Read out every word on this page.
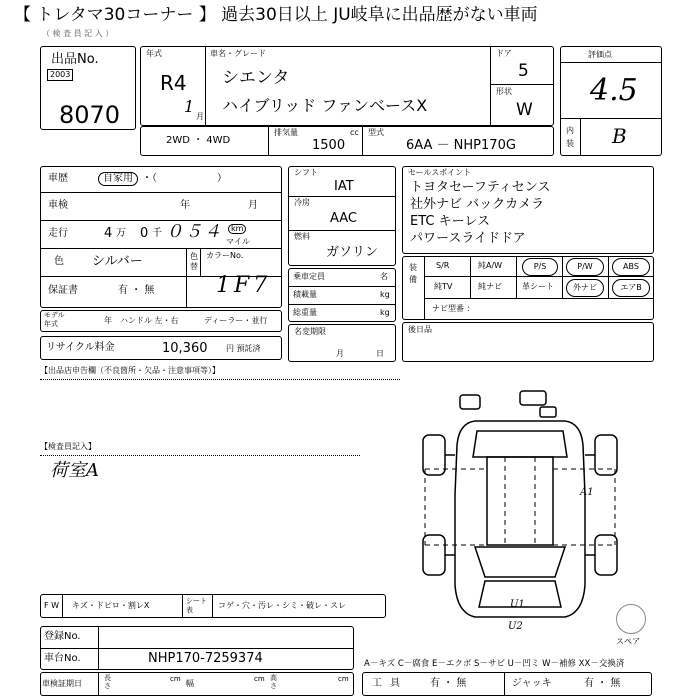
【 トレタマ30コーナー 】 過去30日以上 JU岐阜に出品歴がない車両
（ 検 査 員 記 入 ）
出品No.
2003
8070
年式
R4
1
月
車名・グレード
シエンタ
ハイブリッド ファンベースX
ドア
5
形状
W
評価点
4.5
内装 B
2WD ・ 4WD
排気量	cc
1500
型式
6AA － NHP170G
車歴	自家用 ・（　　　　　　）
車検	年	月
走行	4 万 0 千 ０５４	km
マイル
色 シルバー	色替
カラーNo.
1F7
保証書	有 ・ 無
モデル
年式	年 ハンドル 左・右	ディーラー・並行
リサイクル料金	10,360 円 預託済
シフト
IAT
冷房
AAC
燃料
ガソリン
乗車定員	名
積載量	kg
総重量	kg
名変期限
月	日
セールスポイント
トヨタセーフティセンス
社外ナビ バックカメラ
ETC キーレス
パワースライドドア
装備
S/R	純A/W	P/S	P/W	ABS
純TV	純ナビ	革シート	外ナビ	エアB
ナビ型番 ：
後日品
【出品店申告欄（不良箇所・欠品・注意事項等）】
【検査員記入】
荷室A
A1
U1
U2
スペア
F W キズ・ドピロ・割レX	シート表	コゲ・穴・汚レ・シミ・破レ・スレ
登録No.
車台No.	NHP170-7259374
車検証期日
長さ
cm 幅	cm 高さ
cm
A－キズ C－腐食 E－エクボ S－サビ U－凹ミ W－補修 XX－交換済
工具 有 ・ 無	ジャッキ	有 ・ 無
